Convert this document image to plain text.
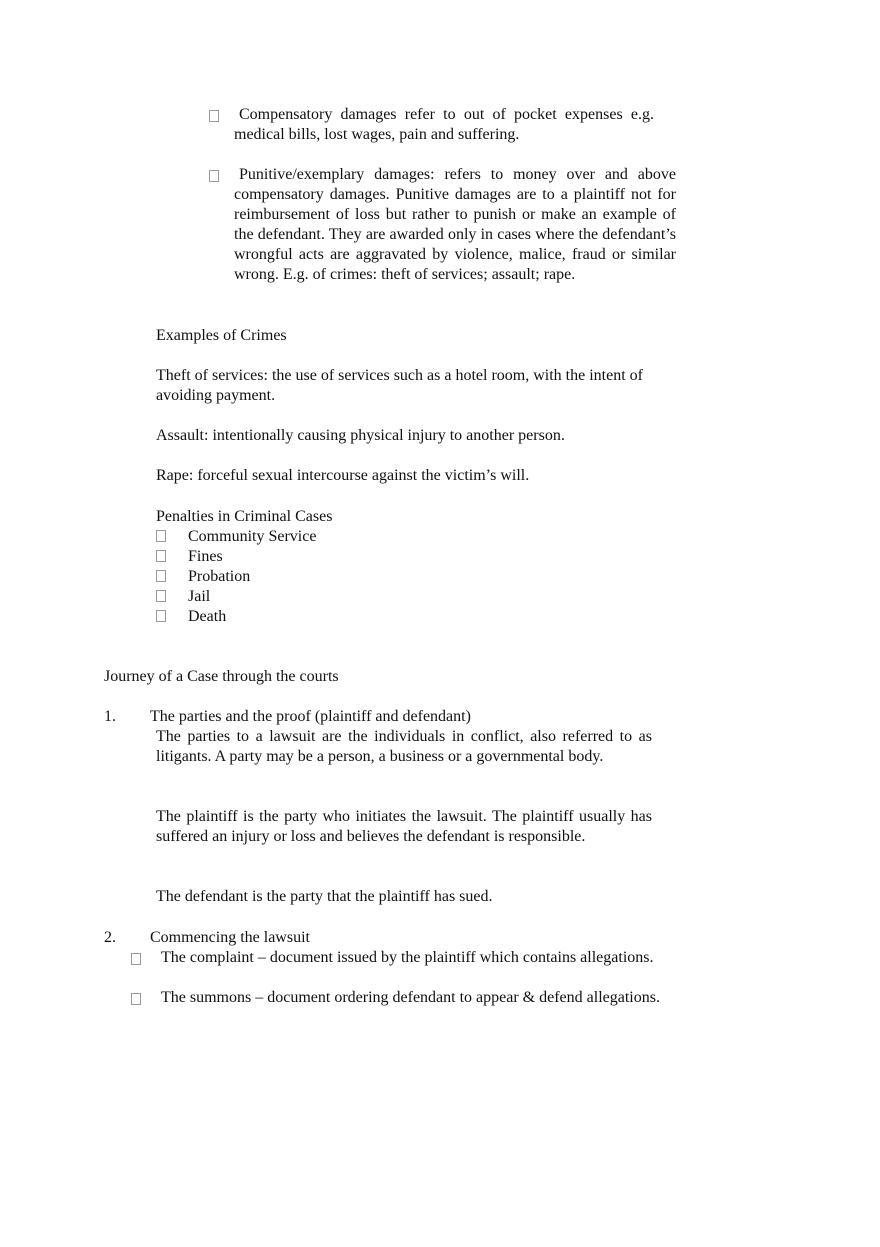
Compensatory damages refer to out of pocket expenses e.g. medical bills, lost wages, pain and suffering.

Punitive/exemplary damages: refers to money over and above compensatory damages. Punitive damages are to a plaintiff not for reimbursement of loss but rather to punish or make an example of the defendant. They are awarded only in cases where the defendant’s wrongful acts are aggravated by violence, malice, fraud or similar wrong. E.g. of crimes: theft of services; assault; rape.

Examples of Crimes

Theft of services: the use of services such as a hotel room, with the intent of avoiding payment.

Assault: intentionally causing physical injury to another person.

Rape: forceful sexual intercourse against the victim’s will.

Penalties in Criminal Cases

Community Service
Fines
Probation
Jail
Death

Journey of a Case through the courts

1. The parties and the proof (plaintiff and defendant)

The parties to a lawsuit are the individuals in conflict, also referred to as litigants. A party may be a person, a business or a governmental body.

The plaintiff is the party who initiates the lawsuit. The plaintiff usually has suffered an injury or loss and believes the defendant is responsible.

The defendant is the party that the plaintiff has sued.

2. Commencing the lawsuit

The complaint – document issued by the plaintiff which contains allegations.

The summons – document ordering defendant to appear & defend allegations.
